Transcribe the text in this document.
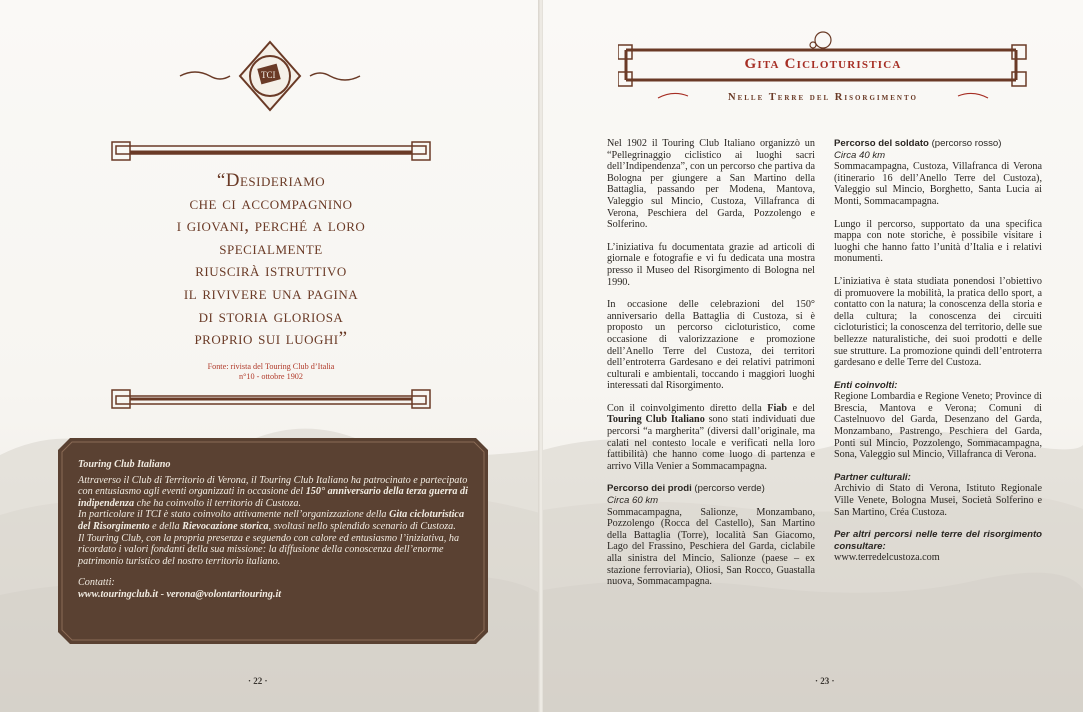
TCI
“Desideriamo
che ci accompagnino
i giovani, perché a loro
specialmente
riuscirà istruttivo
il rivivere una pagina
di storia gloriosa
proprio sui luoghi”
Fonte: rivista del Touring Club d’Italia
n°10 - ottobre 1902

Touring Club Italiano

Attraverso il Club di Territorio di Verona, il Touring Club Italiano ha patrocinato e partecipato con entusiasmo agli eventi organizzati in occasione del 150° anniversario della terza guerra di indipendenza che ha coinvolto il territorio di Custoza.

In particolare il TCI è stato coinvolto attivamente nell’organizzazione della Gita cicloturistica del Risorgimento e della Rievocazione storica, svoltasi nello splendido scenario di Custoza.

Il Touring Club, con la propria presenza e seguendo con calore ed entusiasmo l’iniziativa, ha ricordato i valori fondanti della sua missione: la diffusione della conoscenza dell’enorme patrimonio turistico del nostro territorio italiano.

Contatti:

www.touringclub.it - verona@volontaritouring.it

· 22 ·
Gita Cicloturistica
Nelle Terre del Risorgimento

Nel 1902 il Touring Club Italiano organizzò un “Pellegrinaggio ciclistico ai luoghi sacri dell’Indipendenza”, con un percorso che partiva da Bologna per giungere a San Martino della Battaglia, passando per Modena, Mantova, Valeggio sul Mincio, Custoza, Villafranca di Verona, Peschiera del Garda, Pozzolengo e Solferino.

L’iniziativa fu documentata grazie ad articoli di giornale e fotografie e vi fu dedicata una mostra presso il Museo del Risorgimento di Bologna nel 1990.

In occasione delle celebrazioni del 150° anniversario della Battaglia di Custoza, si è proposto un percorso cicloturistico, come occasione di valorizzazione e promozione dell’Anello Terre del Custoza, dei territori dell’entroterra Gardesano e dei relativi patrimoni culturali e ambientali, toccando i maggiori luoghi interessati dal Risorgimento.

Con il coinvolgimento diretto della Fiab e del Touring Club Italiano sono stati individuati due percorsi “a margherita” (diversi dall’originale, ma calati nel contesto locale e verificati nella loro fattibilità) che hanno come luogo di partenza e arrivo Villa Venier a Sommacampagna.

Percorso dei prodi (percorso verde)
Circa 60 km
Sommacampagna, Salionze, Monzambano, Pozzolengo (Rocca del Castello), San Martino della Battaglia (Torre), località San Giacomo, Lago del Frassino, Peschiera del Garda, ciclabile alla sinistra del Mincio, Salionze (paese – ex stazione ferroviaria), Oliosi, San Rocco, Guastalla nuova, Sommacampagna.

Percorso del soldato (percorso rosso)
Circa 40 km
Sommacampagna, Custoza, Villafranca di Verona (itinerario 16 dell’Anello Terre del Custoza), Valeggio sul Mincio, Borghetto, Santa Lucia ai Monti, Sommacampagna.

Lungo il percorso, supportato da una specifica mappa con note storiche, è possibile visitare i luoghi che hanno fatto l’unità d’Italia e i relativi monumenti.

L’iniziativa è stata studiata ponendosi l’obiettivo di promuovere la mobilità, la pratica dello sport, a contatto con la natura; la conoscenza della storia e della cultura; la conoscenza dei circuiti cicloturistici; la conoscenza del territorio, delle sue bellezze naturalistiche, dei suoi prodotti e delle sue strutture. La promozione quindi dell’entroterra gardesano e delle Terre del Custoza.

Enti coinvolti:
Regione Lombardia e Regione Veneto; Province di Brescia, Mantova e Verona; Comuni di Castelnuovo del Garda, Desenzano del Garda, Monzambano, Pastrengo, Peschiera del Garda, Ponti sul Mincio, Pozzolengo, Sommacampagna, Sona, Valeggio sul Mincio, Villafranca di Verona.

Partner culturali:
Archivio di Stato di Verona, Istituto Regionale Ville Venete, Bologna Musei, Società Solferino e San Martino, Créa Custoza.

Per altri percorsi nelle terre del risorgimento consultare:
www.terredelcustoza.com

· 23 ·
